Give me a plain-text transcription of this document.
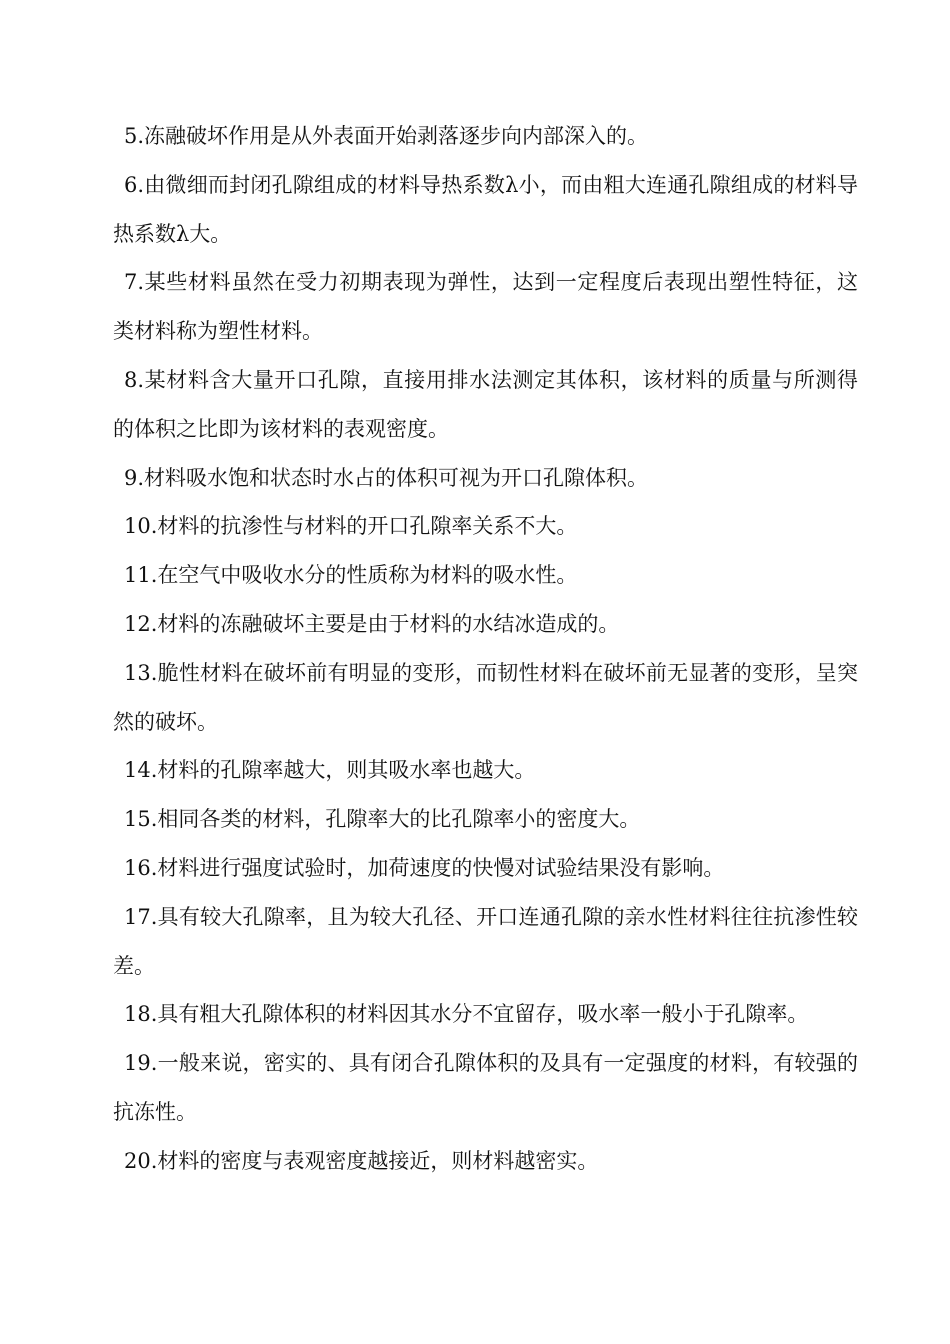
5.冻融破坏作用是从外表面开始剥落逐步向内部深入的。

6.由微细而封闭孔隙组成的材料导热系数λ小，而由粗大连通孔隙组成的材料导热系数λ大。

7.某些材料虽然在受力初期表现为弹性，达到一定程度后表现出塑性特征，这类材料称为塑性材料。

8.某材料含大量开口孔隙，直接用排水法测定其体积，该材料的质量与所测得的体积之比即为该材料的表观密度。

9.材料吸水饱和状态时水占的体积可视为开口孔隙体积。

10.材料的抗渗性与材料的开口孔隙率关系不大。

11.在空气中吸收水分的性质称为材料的吸水性。

12.材料的冻融破坏主要是由于材料的水结冰造成的。

13.脆性材料在破坏前有明显的变形，而韧性材料在破坏前无显著的变形，呈突然的破坏。

14.材料的孔隙率越大，则其吸水率也越大。

15.相同各类的材料，孔隙率大的比孔隙率小的密度大。

16.材料进行强度试验时，加荷速度的快慢对试验结果没有影响。

17.具有较大孔隙率，且为较大孔径、开口连通孔隙的亲水性材料往往抗渗性较差。

18.具有粗大孔隙体积的材料因其水分不宜留存，吸水率一般小于孔隙率。

19.一般来说，密实的、具有闭合孔隙体积的及具有一定强度的材料，有较强的抗冻性。

20.材料的密度与表观密度越接近，则材料越密实。
